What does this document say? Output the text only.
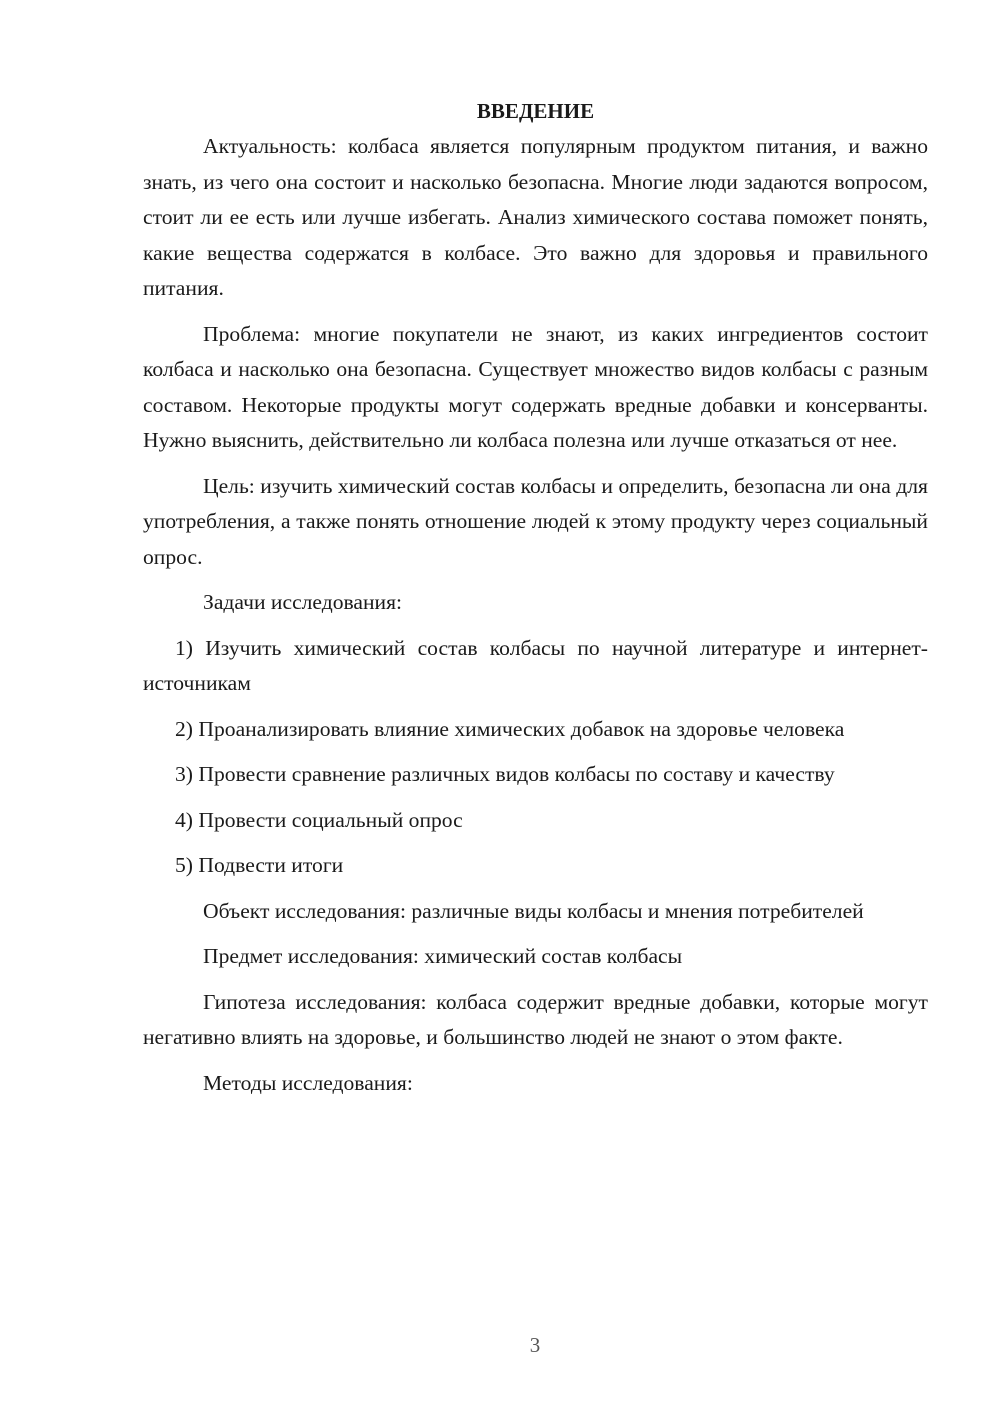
ВВЕДЕНИЕ

Актуальность: колбаса является популярным продуктом питания, и важно знать, из чего она состоит и насколько безопасна. Многие люди задаются вопросом, стоит ли ее есть или лучше избегать. Анализ химического состава поможет понять, какие вещества содержатся в колбасе. Это важно для здоровья и правильного питания.

Проблема: многие покупатели не знают, из каких ингредиентов состоит колбаса и насколько она безопасна. Существует множество видов колбасы с разным составом. Некоторые продукты могут содержать вредные добавки и консерванты. Нужно выяснить, действительно ли колбаса полезна или лучше отказаться от нее.

Цель: изучить химический состав колбасы и определить, безопасна ли она для употребления, а также понять отношение людей к этому продукту через социальный опрос.

Задачи исследования:

1) Изучить химический состав колбасы по научной литературе и интернет-источникам

2) Проанализировать влияние химических добавок на здоровье человека

3) Провести сравнение различных видов колбасы по составу и качеству

4) Провести социальный опрос

5) Подвести итоги

Объект исследования: различные виды колбасы и мнения потребителей

Предмет исследования: химический состав колбасы

Гипотеза исследования: колбаса содержит вредные добавки, которые могут негативно влиять на здоровье, и большинство людей не знают о этом факте.

Методы исследования:

3
